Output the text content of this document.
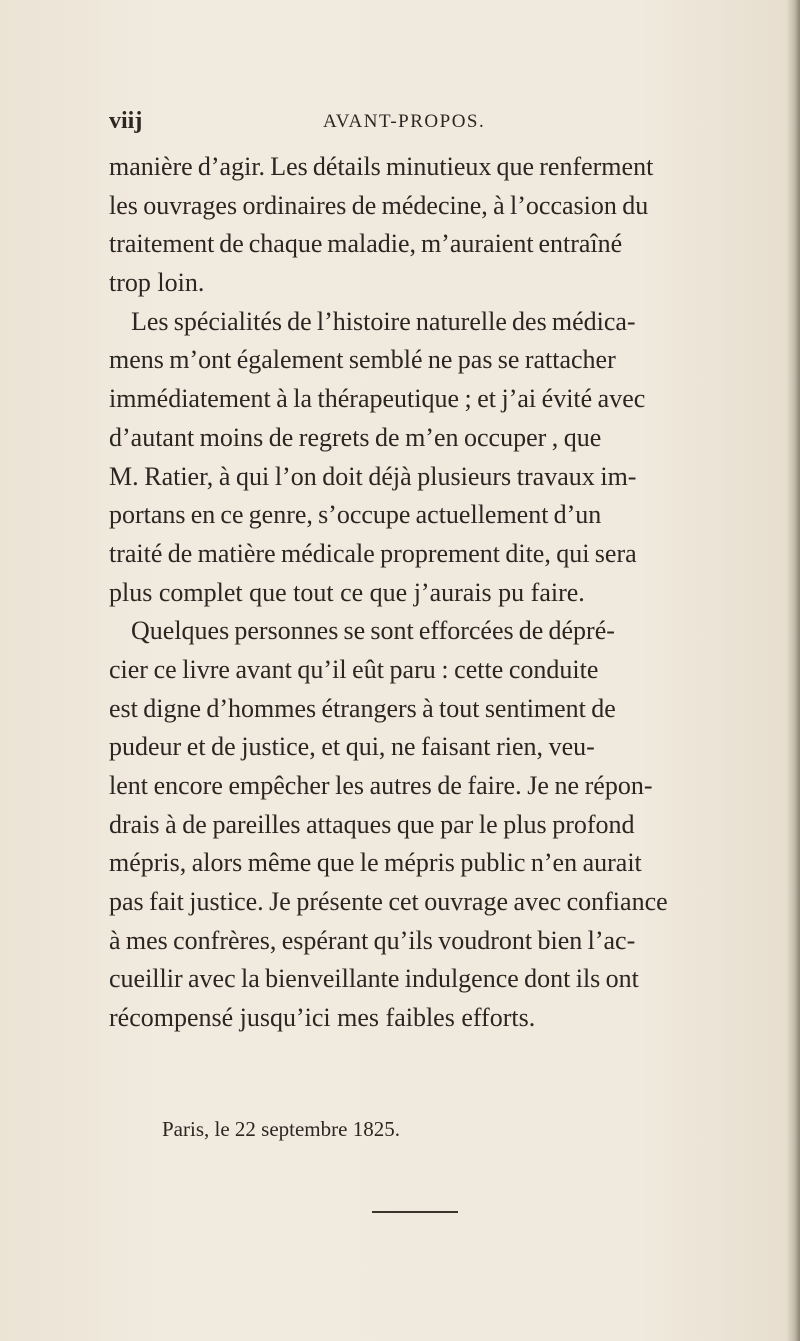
viij	AVANT-PROPOS.
manière d’agir. Les détails minutieux que renferment
les ouvrages ordinaires de médecine, à l’occasion du
traitement de chaque maladie, m’auraient entraîné
trop loin.
Les spécialités de l’histoire naturelle des médica-
mens m’ont également semblé ne pas se rattacher
immédiatement à la thérapeutique ; et j’ai évité avec
d’autant moins de regrets de m’en occuper , que
M. Ratier, à qui l’on doit déjà plusieurs travaux im-
portans en ce genre, s’occupe actuellement d’un
traité de matière médicale proprement dite, qui sera
plus complet que tout ce que j’aurais pu faire.
Quelques personnes se sont efforcées de dépré-
cier ce livre avant qu’il eût paru : cette conduite
est digne d’hommes étrangers à tout sentiment de
pudeur et de justice, et qui, ne faisant rien, veu-
lent encore empêcher les autres de faire. Je ne répon-
drais à de pareilles attaques que par le plus profond
mépris, alors même que le mépris public n’en aurait
pas fait justice. Je présente cet ouvrage avec confiance
à mes confrères, espérant qu’ils voudront bien l’ac-
cueillir avec la bienveillante indulgence dont ils ont
récompensé jusqu’ici mes faibles efforts.
Paris, le 22 septembre 1825.
